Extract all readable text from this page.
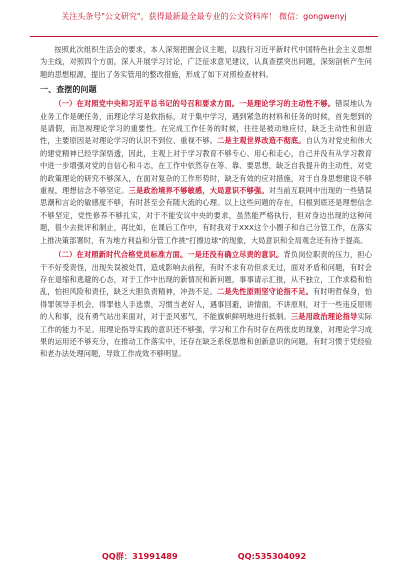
关注头条号"公文研究"，获得最新最全最专业的公文资料库！ 微信：gongwenyj

按照此次组织生活会的要求，本人深刻把握会议主题，以践行习近平新时代中国特色社会主义思想为主线，对照四个方面，深入开展学习讨论，广泛征求意见建议，认真查摆突出问题，深刻剖析产生问题的思想根源，提出了务实管用的整改措施，形成了如下对照检查材料。

一、查摆的问题

（一）在对照党中央和习近平总书记的号召和要求方面。一是理论学习的主动性不够。错误地认为业务工作是硬任务，而理论学习是软指标，对于集中学习，遇到紧急的材料和任务的时候，首先想到的是请假，而忽视理论学习的重要性。在完成工作任务的时候，往往是被动地应付，缺乏主动性和创造性，主要原因是对理论学习的认识不到位、重视不够。二是主观世界改造不彻底。自认为对党史和伟大的建党精神已经学深悟透，因此，主观上对于学习教育不够专心、用心和走心，自己并没有从学习教育中进一步增强对党的自信心和斗志，在工作中依然存在等、靠、要思想，缺乏自我提升的主动性，对党的政策理论的研究不够深入，在面对复杂的工作形势时，缺乏有效的应对措施，对于自身思想建设不够重视，理想信念不够坚定。三是政治境界不够敏感，大局意识不够强。对当前互联网中出现的一些错误思潮和言论的敏感度不够，有时甚至会有随大流的心理。以上这些问题的存在，归根到底还是理想信念不够坚定，党性修养不够扎实，对于不能安议中央的要求，虽然能严格执行，但对身边出现的这种问题，很少去批评和制止，再比如，在课后工作中，有时我对于XXX这个小圈子和自己分管工作，在落实上推决策部署时，有为地方利益和分管工作挑"打擦边球"的现象，大局意识和全局观念还有待于提高。

（二）在对照新时代合格党员标准方面。一是还没有确立尽责的意识。背负岗位职责的压力，担心干不好受责怪，出现失误被处罚，造成影响去前程，有时不求有功但求无过，面对矛盾和问题，有时会存在退缩和逃避的心态，对于工作中出现的新情况和新问题，事事请示汇报，从不独立，工作求稳和怕乱，怕担风险和责任，缺乏大胆负责精神，冲劲不足。二是先性原则坚守论指不足。有时明哲保身，怕得罪领导手机会，得罪他人手选票，习惯当老好人，遇事回避，讲情面，不讲原则，对于一些违反原则的人和事，没有勇气站出来面对，对于歪风邪气，不能旗帜鲜明地进行抵制。三是用政治理论指导实际工作的能力不足。用理论指导实践的意识还不够强，学习和工作有时存在两张皮的现象，对理论学习成果的运用还不够充分，在推动工作落实中，还存在缺乏系统思维和创新意识的问题，有时习惯于凭经验和老办法处理问题，导致工作成效不够明显。

QQ群：31991489	QQ:535304092
